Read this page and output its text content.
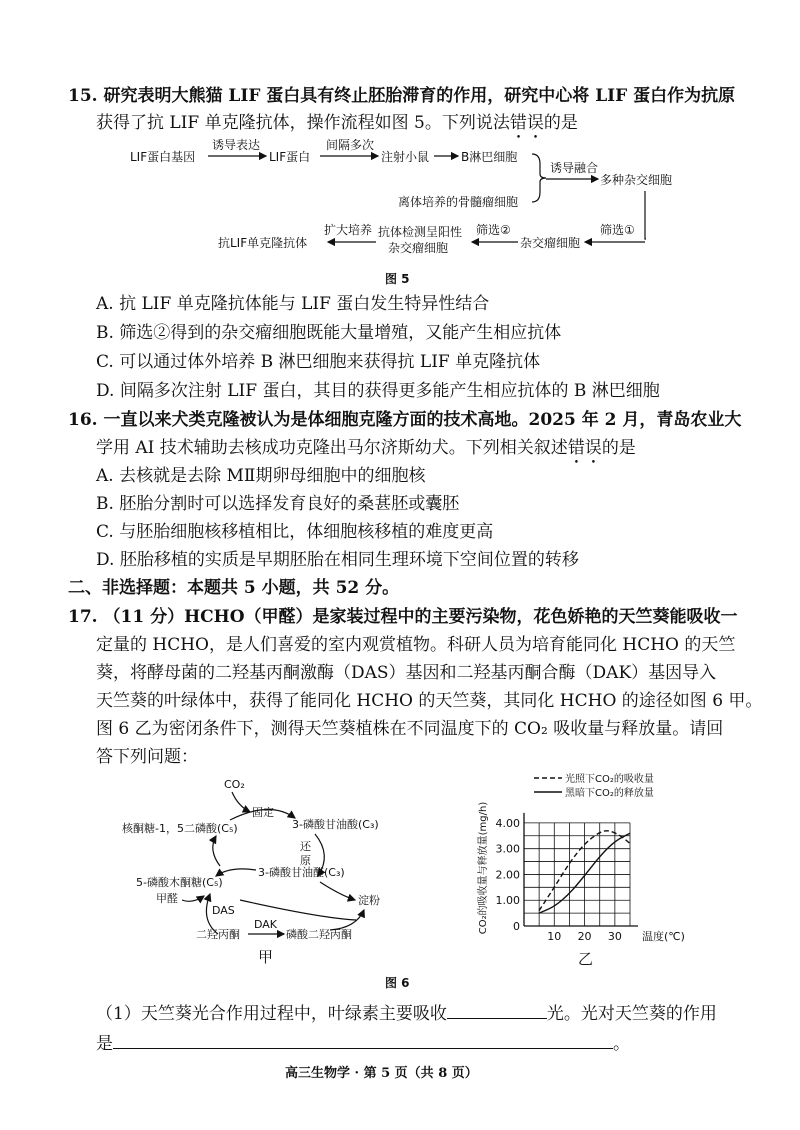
15. 研究表明大熊猫 LIF 蛋白具有终止胚胎滞育的作用，研究中心将 LIF 蛋白作为抗原
获得了抗 LIF 单克隆抗体，操作流程如图 5。下列说法错误的是
LIF蛋白基因
诱导表达
LIF蛋白
间隔多次
注射小鼠	B淋巴细胞
离体培养的骨髓瘤细胞
诱导融合
多种杂交细胞
筛选①
杂交瘤细胞
筛选②
抗体检测呈阳性
杂交瘤细胞
扩大培养
抗LIF单克隆抗体
图 5
A. 抗 LIF 单克隆抗体能与 LIF 蛋白发生特异性结合
B. 筛选②得到的杂交瘤细胞既能大量增殖，又能产生相应抗体
C. 可以通过体外培养 B 淋巴细胞来获得抗 LIF 单克隆抗体
D. 间隔多次注射 LIF 蛋白，其目的获得更多能产生相应抗体的 B 淋巴细胞
16. 一直以来犬类克隆被认为是体细胞克隆方面的技术高地。2025 年 2 月，青岛农业大
学用 AI 技术辅助去核成功克隆出马尔济斯幼犬。下列相关叙述错误的是
A. 去核就是去除 MⅡ期卵母细胞中的细胞核
B. 胚胎分割时可以选择发育良好的桑葚胚或囊胚
C. 与胚胎细胞核移植相比，体细胞核移植的难度更高
D. 胚胎移植的实质是早期胚胎在相同生理环境下空间位置的转移
二、非选择题：本题共 5 小题，共 52 分。
17. （11 分）HCHO（甲醛）是家装过程中的主要污染物，花色娇艳的天竺葵能吸收一
定量的 HCHO，是人们喜爱的室内观赏植物。科研人员为培育能同化 HCHO 的天竺
葵，将酵母菌的二羟基丙酮激酶（DAS）基因和二羟基丙酮合酶（DAK）基因导入
天竺葵的叶绿体中，获得了能同化 HCHO 的天竺葵，其同化 HCHO 的途径如图 6 甲。
图 6 乙为密闭条件下，测得天竺葵植株在不同温度下的 CO₂ 吸收量与释放量。请回
答下列问题：
CO₂
固定
核酮糖-1，5二磷酸(C₅)	3-磷酸甘油酸(C₃)
还
原
3-磷酸甘油醛(C₃)
5-磷酸木酮糖(C₅)
淀粉
甲醛
DAS
二羟丙酮
DAK
磷酸二羟丙酮
甲
0
1.00
2.00
3.00
4.00
10 20 30 温度(℃)
CO₂的吸收量与释放量(mg/h)
光照下CO₂的吸收量
黑暗下CO₂的释放量
乙
图 6
（1）天竺葵光合作用过程中，叶绿素主要吸收	光。光对天竺葵的作用
是	。
高三生物学 · 第 5 页（共 8 页）
